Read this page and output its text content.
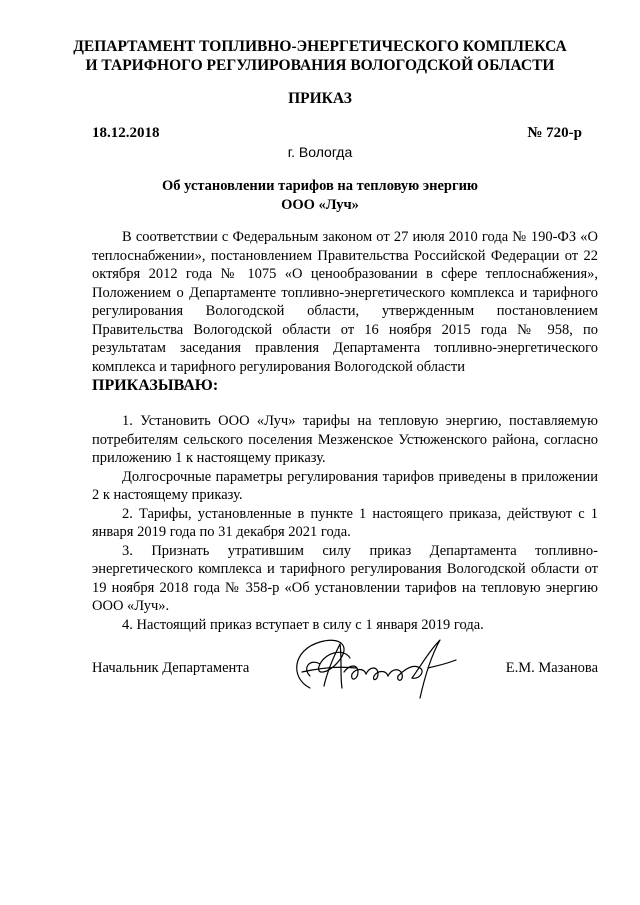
ДЕПАРТАМЕНТ ТОПЛИВНО-ЭНЕРГЕТИЧЕСКОГО КОМПЛЕКСА
И ТАРИФНОГО РЕГУЛИРОВАНИЯ ВОЛОГОДСКОЙ ОБЛАСТИ
ПРИКАЗ
18.12.2018	№ 720-р
г. Вологда
Об установлении тарифов на тепловую энергию
ООО «Луч»

В соответствии с Федеральным законом от 27 июля 2010 года № 190-ФЗ «О теплоснабжении», постановлением Правительства Российской Федерации от 22 октября 2012 года № 1075 «О ценообразовании в сфере теплоснабжения», Положением о Департаменте топливно-энергетического комплекса и тарифного регулирования Вологодской области, утвержденным постановлением Правительства Вологодской области от 16 ноября 2015 года № 958, по результатам заседания правления Департамента топливно-энергетического комплекса и тарифного регулирования Вологодской области

ПРИКАЗЫВАЮ:

1. Установить ООО «Луч» тарифы на тепловую энергию, поставляемую потребителям сельского поселения Мезженское Устюженского района, согласно приложению 1 к настоящему приказу.

Долгосрочные параметры регулирования тарифов приведены в приложении 2 к настоящему приказу.

2. Тарифы, установленные в пункте 1 настоящего приказа, действуют с 1 января 2019 года по 31 декабря 2021 года.

3. Признать утратившим силу приказ Департамента топливно-энергетического комплекса и тарифного регулирования Вологодской области от 19 ноября 2018 года № 358-р «Об установлении тарифов на тепловую энергию ООО «Луч».

4. Настоящий приказ вступает в силу с 1 января 2019 года.

Начальник Департамента	Е.М. Мазанова
